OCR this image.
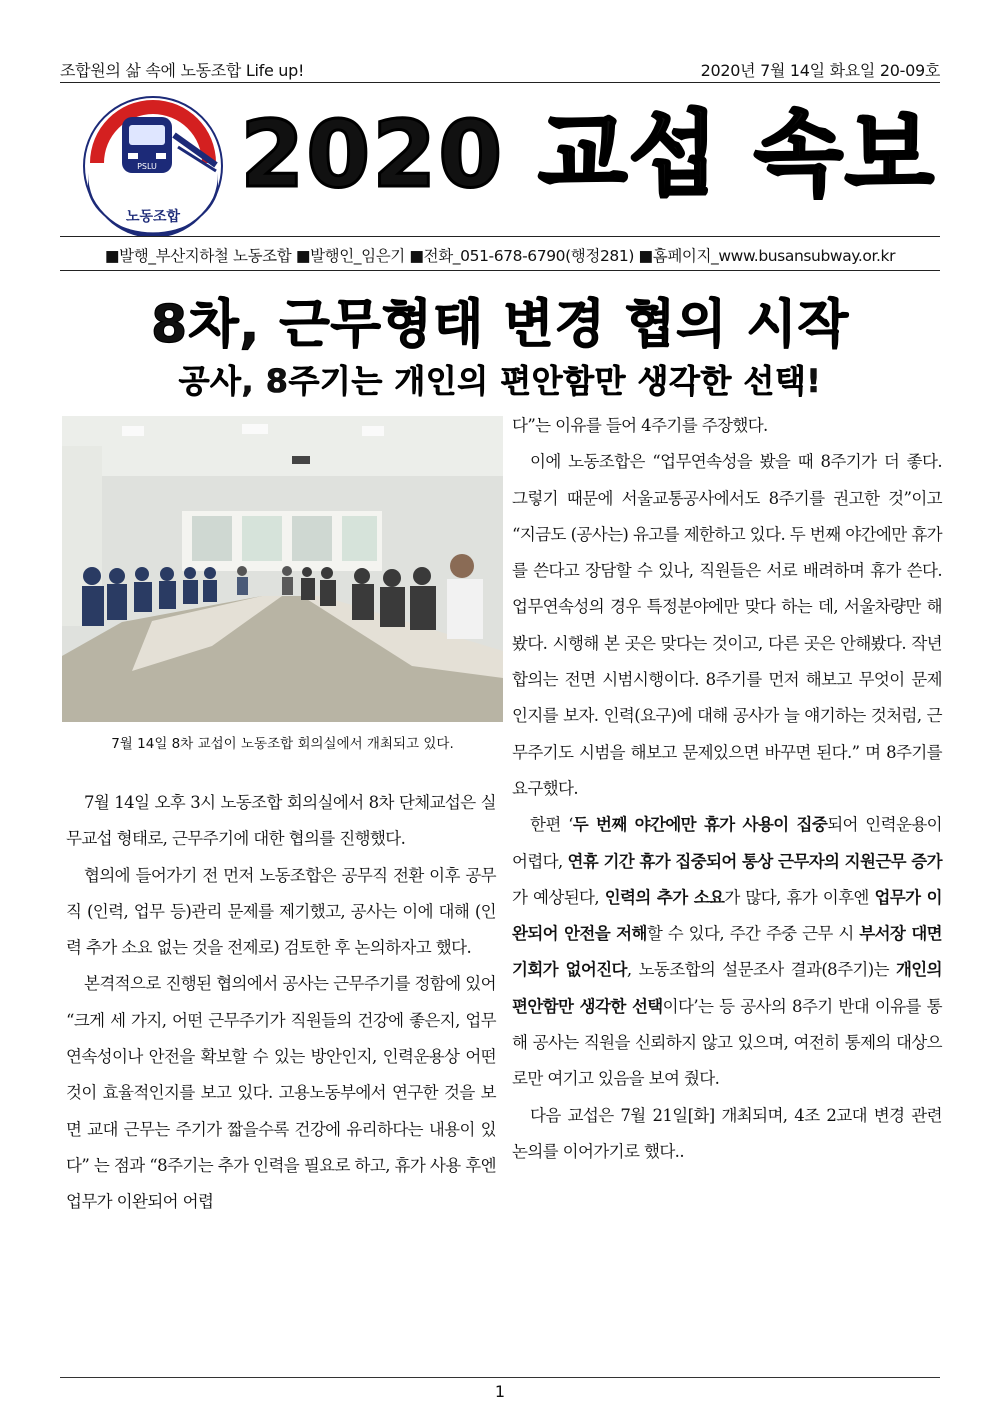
조합원의 삶 속에 노동조합 Life up!	2020년 7월 14일 화요일 20-09호
PSLU
부산지하철
노동조합
2020 교섭 속보
■발행_부산지하철 노동조합 ■발행인_임은기 ■전화_051-678-6790(행정281) ■홈페이지_www.busansubway.or.kr
8차, 근무형태 변경 협의 시작
공사, 8주기는 개인의 편안함만 생각한 선택!
7월 14일 8차 교섭이 노동조합 회의실에서 개최되고 있다.

7월 14일 오후 3시 노동조합 회의실에서 8차 단체교섭은 실무교섭 형태로, 근무주기에 대한 협의를 진행했다.

협의에 들어가기 전 먼저 노동조합은 공무직 전환 이후 공무직 (인력, 업무 등)관리 문제를 제기했고, 공사는 이에 대해 (인력 추가 소요 없는 것을 전제로) 검토한 후 논의하자고 했다.

본격적으로 진행된 협의에서 공사는 근무주기를 정함에 있어 “크게 세 가지, 어떤 근무주기가 직원들의 건강에 좋은지, 업무연속성이나 안전을 확보할 수 있는 방안인지, 인력운용상 어떤 것이 효율적인지를 보고 있다. 고용노동부에서 연구한 것을 보면 교대 근무는 주기가 짧을수록 건강에 유리하다는 내용이 있다” 는 점과 “8주기는 추가 인력을 필요로 하고, 휴가 사용 후엔 업무가 이완되어 어렵

다”는 이유를 들어 4주기를 주장했다.

이에 노동조합은 “업무연속성을 봤을 때 8주기가 더 좋다. 그렇기 때문에 서울교통공사에서도 8주기를 권고한 것”이고 “지금도 (공사는) 유고를 제한하고 있다. 두 번째 야간에만 휴가를 쓴다고 장담할 수 있나, 직원들은 서로 배려하며 휴가 쓴다. 업무연속성의 경우 특정분야에만 맞다 하는 데, 서울차량만 해봤다. 시행해 본 곳은 맞다는 것이고, 다른 곳은 안해봤다. 작년 합의는 전면 시범시행이다. 8주기를 먼저 해보고 무엇이 문제인지를 보자. 인력(요구)에 대해 공사가 늘 얘기하는 것처럼, 근무주기도 시범을 해보고 문제있으면 바꾸면 된다.” 며 8주기를 요구했다.

한편 ‘두 번째 야간에만 휴가 사용이 집중되어 인력운용이 어렵다, 연휴 기간 휴가 집중되어 통상 근무자의 지원근무 증가가 예상된다, 인력의 추가 소요가 많다, 휴가 이후엔 업무가 이완되어 안전을 저해할 수 있다, 주간 주중 근무 시 부서장 대면기회가 없어진다, 노동조합의 설문조사 결과(8주기)는 개인의 편안함만 생각한 선택이다’는 등 공사의 8주기 반대 이유를 통해 공사는 직원을 신뢰하지 않고 있으며, 여전히 통제의 대상으로만 여기고 있음을 보여 줬다.

다음 교섭은 7월 21일[화] 개최되며, 4조 2교대 변경 관련 논의를 이어가기로 했다..

1
